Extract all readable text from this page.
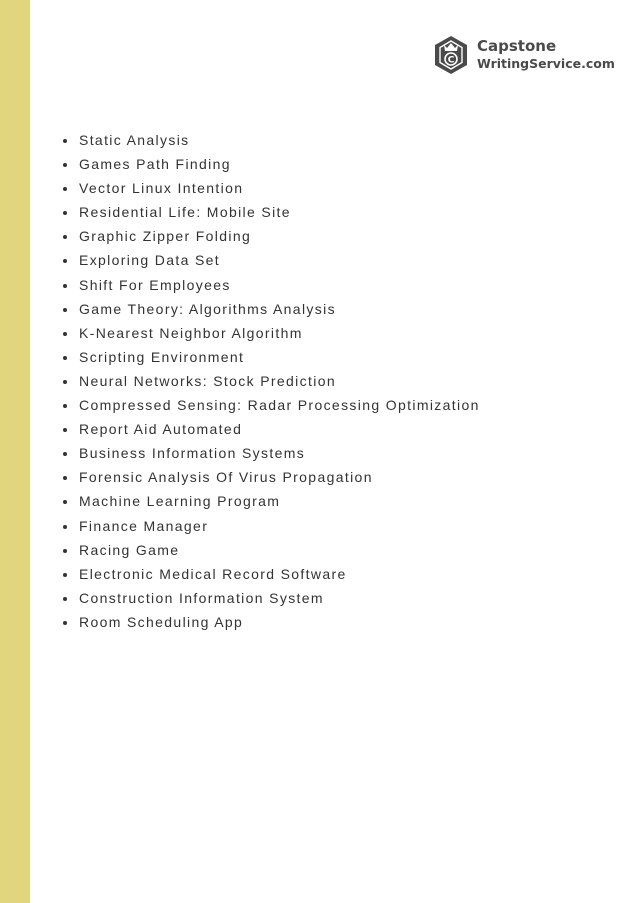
C
Capstone
WritingService.com
Static Analysis
Games Path Finding
Vector Linux Intention
Residential Life: Mobile Site
Graphic Zipper Folding
Exploring Data Set
Shift For Employees
Game Theory: Algorithms Analysis
K-Nearest Neighbor Algorithm
Scripting Environment
Neural Networks: Stock Prediction
Compressed Sensing: Radar Processing Optimization
Report Aid Automated
Business Information Systems
Forensic Analysis Of Virus Propagation
Machine Learning Program
Finance Manager
Racing Game
Electronic Medical Record Software
Construction Information System
Room Scheduling App
